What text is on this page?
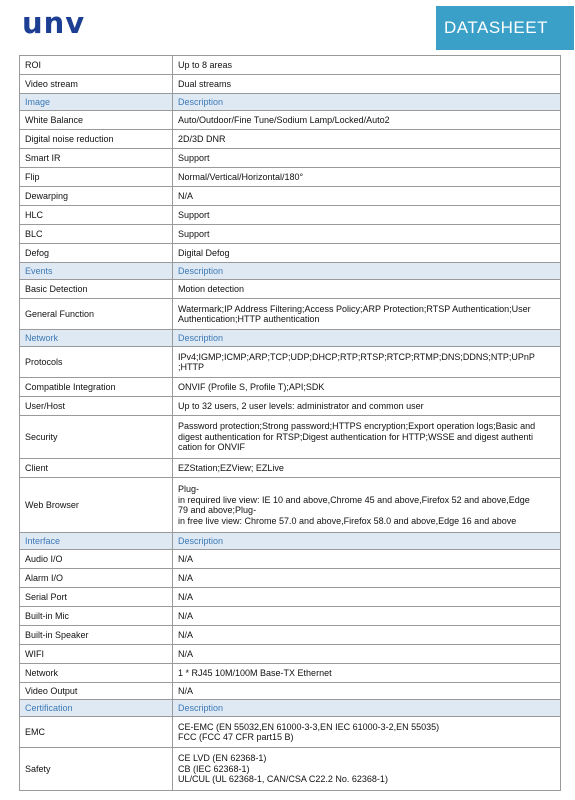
unv	DATASHEET
ROI	Up to 8 areas

Video stream	Dual streams

Image	Description

White Balance	Auto/Outdoor/Fine Tune/Sodium Lamp/Locked/Auto2

Digital noise reduction	2D/3D DNR

Smart IR	Support

Flip	Normal/Vertical/Horizontal/180°

Dewarping	N/A

HLC	Support

BLC	Support

Defog	Digital Defog

Events	Description

Basic Detection	Motion detection

General Function	Watermark;IP Address Filtering;Access Policy;ARP Protection;RTSP Authentication;User
Authentication;HTTP authentication

Network	Description

Protocols	IPv4;IGMP;ICMP;ARP;TCP;UDP;DHCP;RTP;RTSP;RTCP;RTMP;DNS;DDNS;NTP;UPnP
;HTTP

Compatible Integration	ONVIF (Profile S, Profile T);API;SDK

User/Host	Up to 32 users, 2 user levels: administrator and common user

Security	Password protection;Strong password;HTTPS encryption;Export operation logs;Basic and
digest authentication for RTSP;Digest authentication for HTTP;WSSE and digest authenti
cation for ONVIF

Client	EZStation;EZView; EZLive

Web Browser	Plug-
in required live view: IE 10 and above,Chrome 45 and above,Firefox 52 and above,Edge
79 and above;Plug-
in free live view: Chrome 57.0 and above,Firefox 58.0 and above,Edge 16 and above

Interface	Description

Audio I/O	N/A

Alarm I/O	N/A

Serial Port	N/A

Built-in Mic	N/A

Built-in Speaker	N/A

WIFI	N/A

Network	1 * RJ45 10M/100M Base-TX Ethernet

Video Output	N/A

Certification	Description

EMC	CE-EMC (EN 55032,EN 61000-3-3,EN IEC 61000-3-2,EN 55035)
FCC (FCC 47 CFR part15 B)

Safety	CE LVD (EN 62368-1)
CB (IEC 62368-1)
UL/CUL (UL 62368-1, CAN/CSA C22.2 No. 62368-1)
